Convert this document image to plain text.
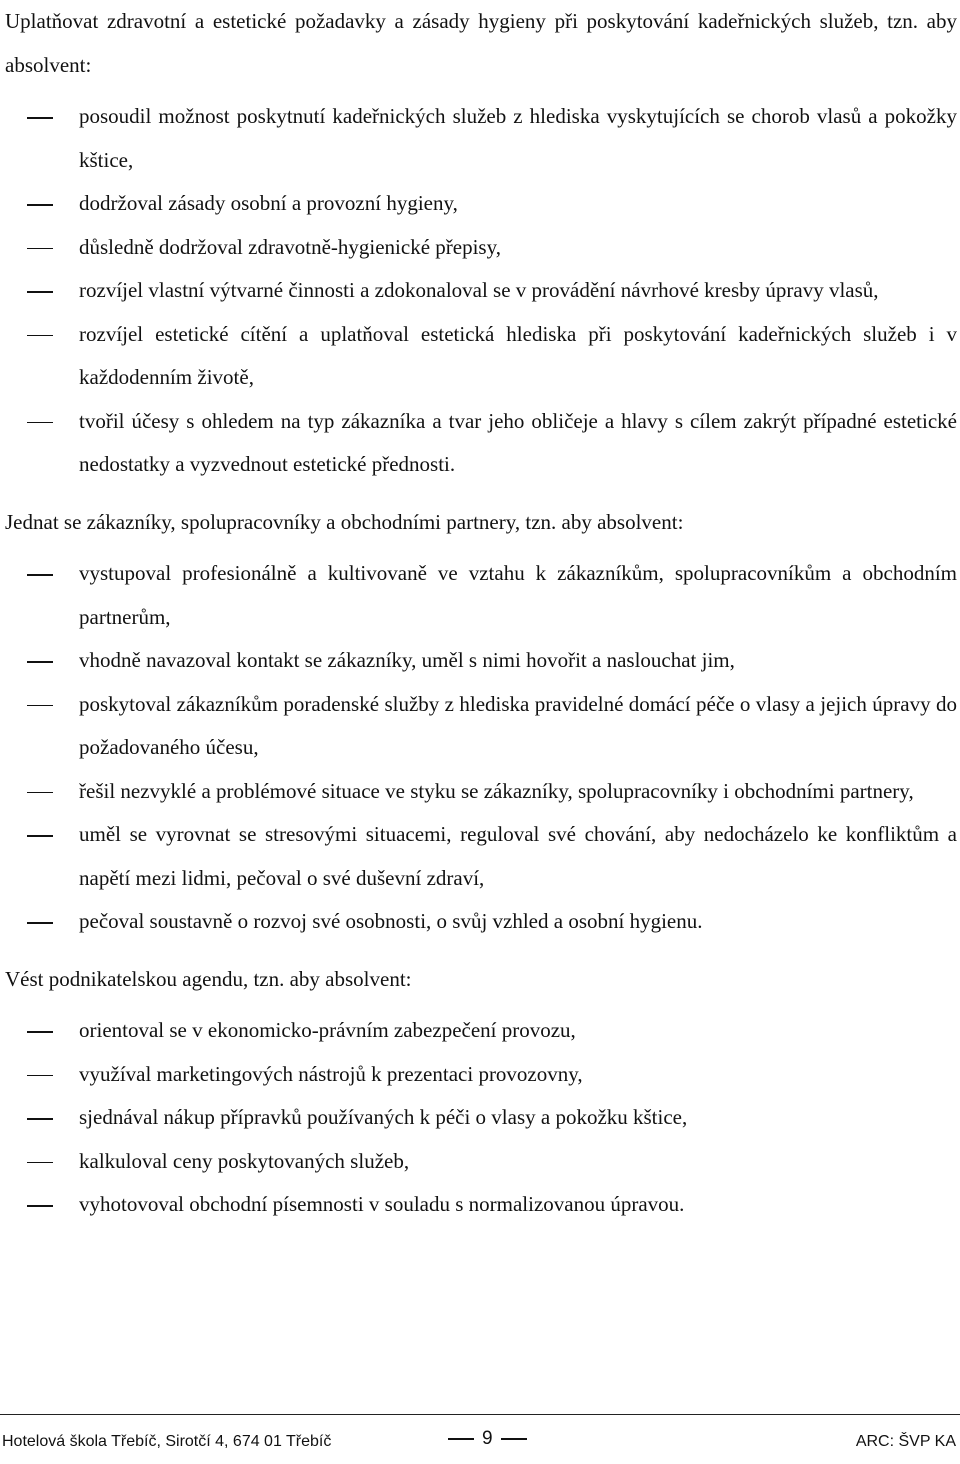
Uplatňovat zdravotní a estetické požadavky a zásady hygieny při poskytování kadeřnických služeb, tzn. aby absolvent:

posoudil možnost poskytnutí kadeřnických služeb z hlediska vyskytujících se chorob vlasů a pokožky kštice,
dodržoval zásady osobní a provozní hygieny,
důsledně dodržoval zdravotně-hygienické přepisy,
rozvíjel vlastní výtvarné činnosti a zdokonaloval se v provádění návrhové kresby úpravy vlasů,
rozvíjel estetické cítění a uplatňoval estetická hlediska při poskytování kadeřnických služeb i v každodenním životě,
tvořil účesy s ohledem na typ zákazníka a tvar jeho obličeje a hlavy s cílem zakrýt případné estetické nedostatky a vyzvednout estetické přednosti.

Jednat se zákazníky, spolupracovníky a obchodními partnery, tzn. aby absolvent:

vystupoval profesionálně a kultivovaně ve vztahu k zákazníkům, spolupracovníkům a obchodním partnerům,
vhodně navazoval kontakt se zákazníky, uměl s nimi hovořit a naslouchat jim,
poskytoval zákazníkům poradenské služby z hlediska pravidelné domácí péče o vlasy a jejich úpravy do požadovaného účesu,
řešil nezvyklé a problémové situace ve styku se zákazníky, spolupracovníky i obchodními partnery,
uměl se vyrovnat se stresovými situacemi, reguloval své chování, aby nedocházelo ke konfliktům a napětí mezi lidmi, pečoval o své duševní zdraví,
pečoval soustavně o rozvoj své osobnosti, o svůj vzhled a osobní hygienu.

Vést podnikatelskou agendu, tzn. aby absolvent:

orientoval se v ekonomicko-právním zabezpečení provozu,
využíval marketingových nástrojů k prezentaci provozovny,
sjednával nákup přípravků používaných k péči o vlasy a pokožku kštice,
kalkuloval ceny poskytovaných služeb,
vyhotovoval obchodní písemnosti v souladu s normalizovanou úpravou.
Hotelová škola Třebíč, Sirotčí 4, 674 01 Třebíč	9	ARC: ŠVP KA
